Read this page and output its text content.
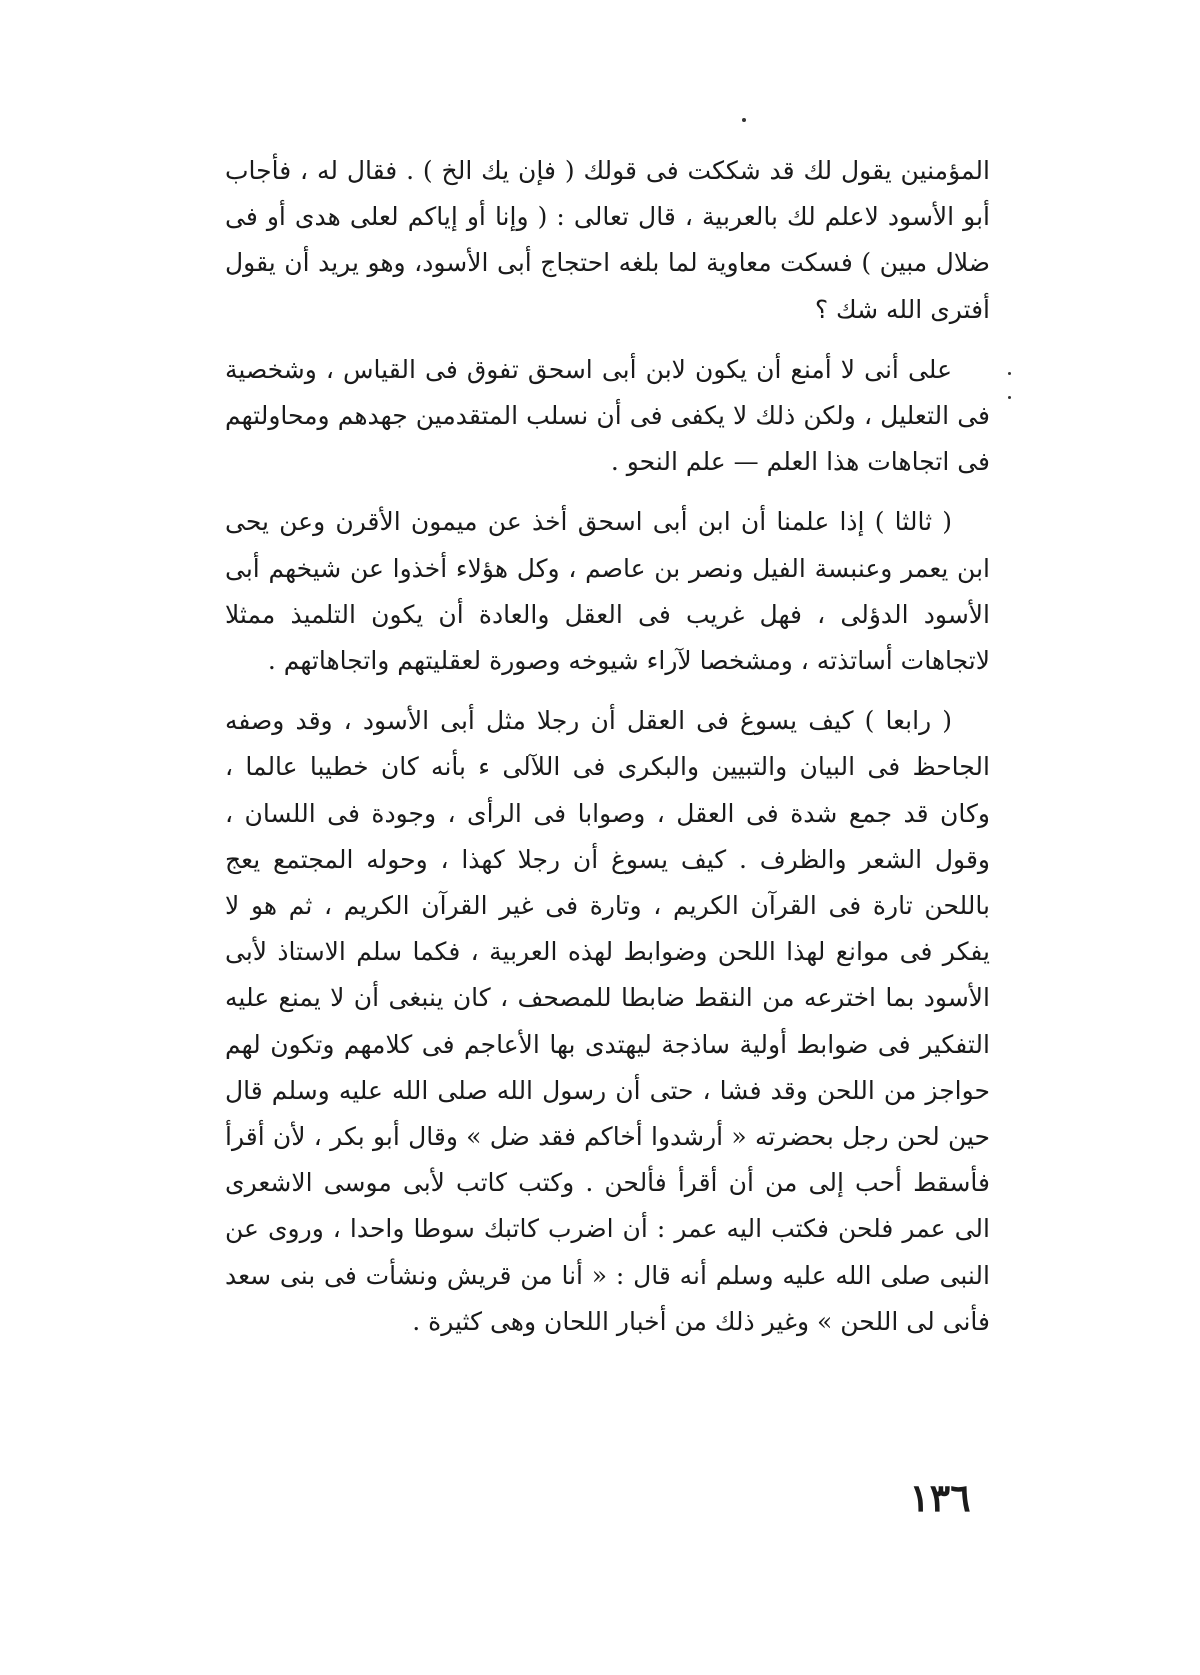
المؤمنين يقول لك قد شككت فى قولك ( فإن يك الخ ) . فقال له ، فأجاب أبو الأسود لاعلم لك بالعربية ، قال تعالى : ( وإنا أو إياكم لعلى هدى أو فى ضلال مبين ) فسكت معاوية لما بلغه احتجاج أبى الأسود، وهو يريد أن يقول أفترى الله شك ؟

على أنى لا أمنع أن يكون لابن أبى اسحق تفوق فى القياس ، وشخصية فى التعليل ، ولكن ذلك لا يكفى فى أن نسلب المتقدمين جهدهم ومحاولتهم فى اتجاهات هذا العلم — علم النحو .

( ثالثا ) إذا علمنا أن ابن أبى اسحق أخذ عن ميمون الأقرن وعن يحى ابن يعمر وعنبسة الفيل ونصر بن عاصم ، وكل هؤلاء أخذوا عن شيخهم أبى الأسود الدؤلى ، فهل غريب فى العقل والعادة أن يكون التلميذ ممثلا لاتجاهات أساتذته ، ومشخصا لآراء شيوخه وصورة لعقليتهم واتجاهاتهم .

( رابعا ) كيف يسوغ فى العقل أن رجلا مثل أبى الأسود ، وقد وصفه الجاحظ فى البيان والتبيين والبكرى فى اللآلى ء بأنه كان خطيبا عالما ، وكان قد جمع شدة فى العقل ، وصوابا فى الرأى ، وجودة فى اللسان ، وقول الشعر والظرف . كيف يسوغ أن رجلا كهذا ، وحوله المجتمع يعج باللحن تارة فى القرآن الكريم ، وتارة فى غير القرآن الكريم ، ثم هو لا يفكر فى موانع لهذا اللحن وضوابط لهذه العربية ، فكما سلم الاستاذ لأبى الأسود بما اخترعه من النقط ضابطا للمصحف ، كان ينبغى أن لا يمنع عليه التفكير فى ضوابط أولية ساذجة ليهتدى بها الأعاجم فى كلامهم وتكون لهم حواجز من اللحن وقد فشا ، حتى أن رسول الله صلى الله عليه وسلم قال حين لحن رجل بحضرته « أرشدوا أخاكم فقد ضل » وقال أبو بكر ، لأن أقرأ فأسقط أحب إلى من أن أقرأ فألحن . وكتب كاتب لأبى موسى الاشعرى الى عمر فلحن فكتب اليه عمر : أن اضرب كاتبك سوطا واحدا ، وروى عن النبى صلى الله عليه وسلم أنه قال : « أنا من قريش ونشأت فى بنى سعد فأنى لى اللحن » وغير ذلك من أخبار اللحان وهى كثيرة .

١٣٦
